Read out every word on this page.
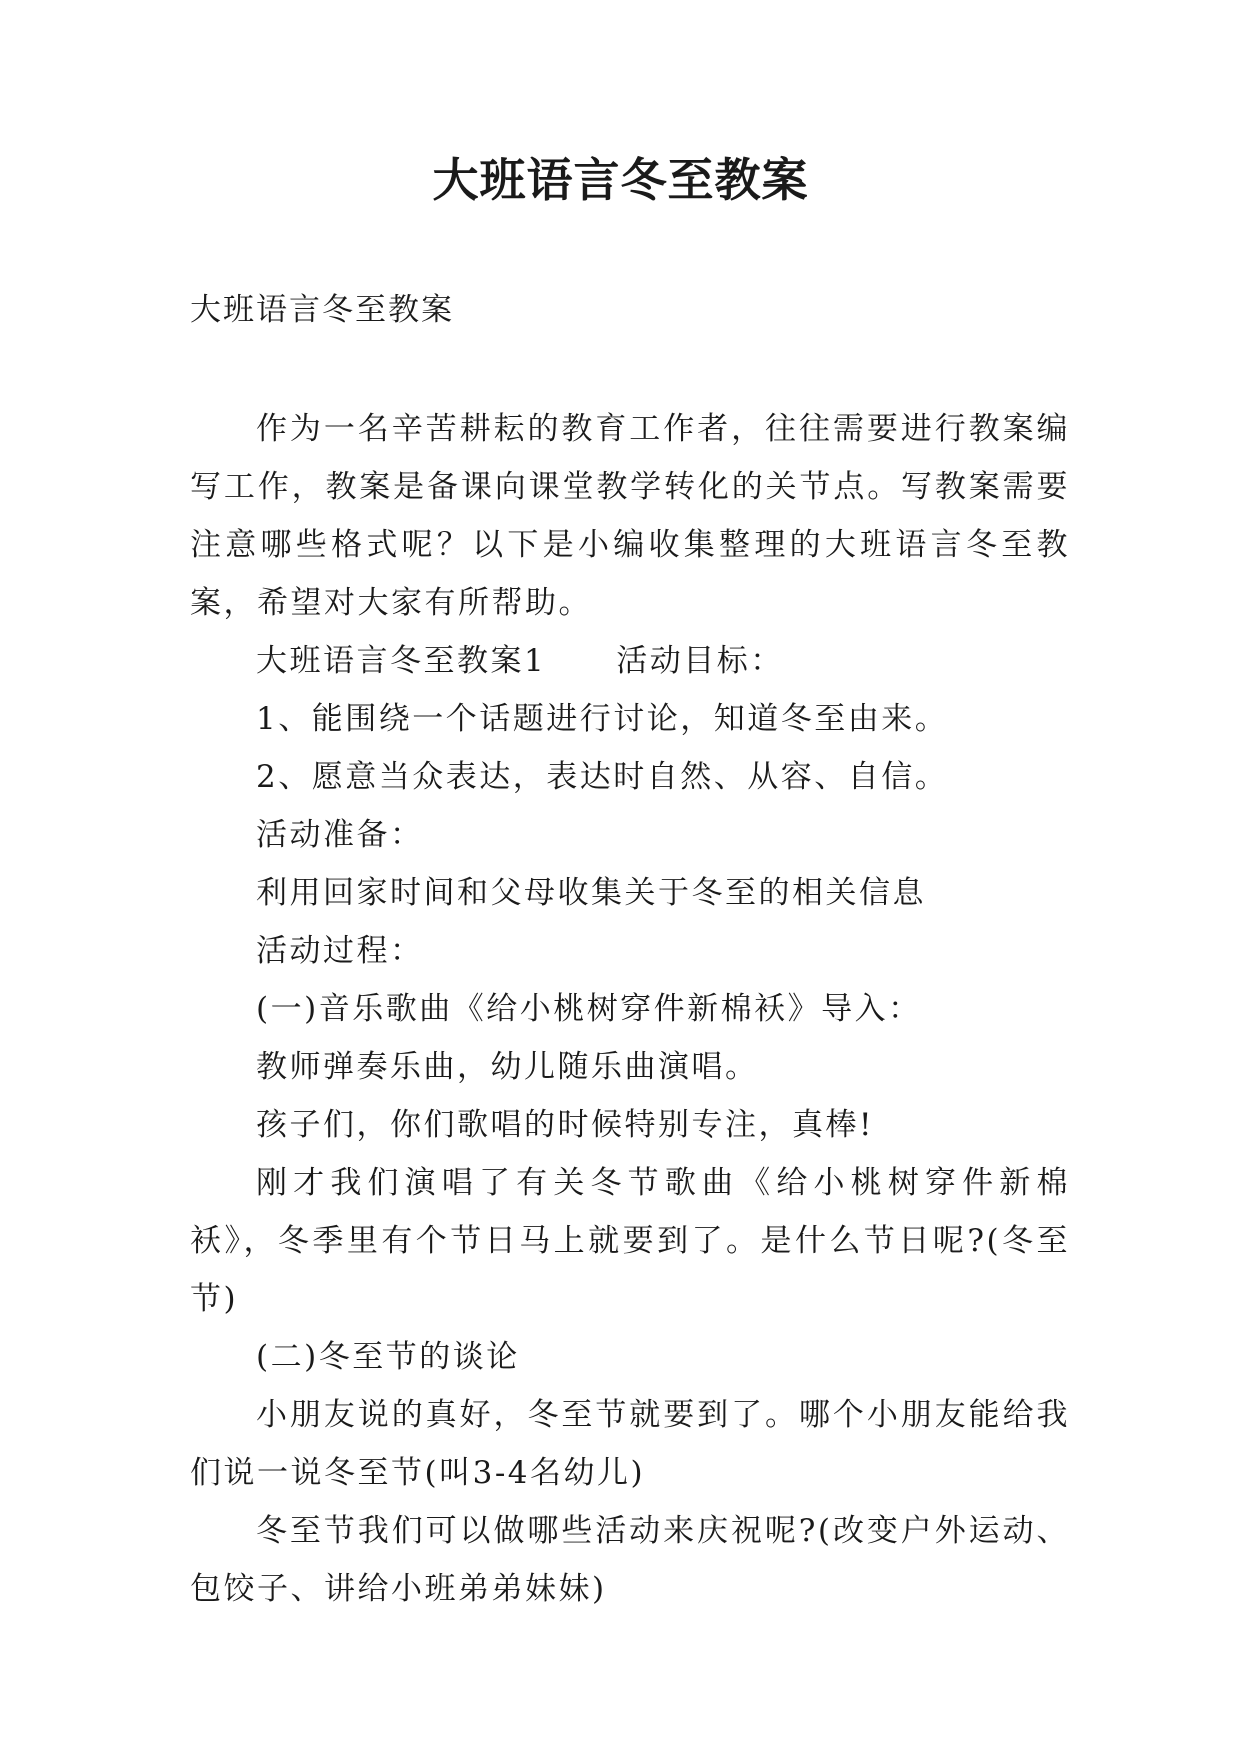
大班语言冬至教案

大班语言冬至教案

作为一名辛苦耕耘的教育工作者，往往需要进行教案编写工作，教案是备课向课堂教学转化的关节点。写教案需要注意哪些格式呢？以下是小编收集整理的大班语言冬至教案，希望对大家有所帮助。

大班语言冬至教案1 活动目标：

1、能围绕一个话题进行讨论，知道冬至由来。

2、愿意当众表达，表达时自然、从容、自信。

活动准备：

利用回家时间和父母收集关于冬至的相关信息

活动过程：

(一)音乐歌曲《给小桃树穿件新棉袄》导入：

教师弹奏乐曲，幼儿随乐曲演唱。

孩子们，你们歌唱的时候特别专注，真棒!

刚才我们演唱了有关冬节歌曲《给小桃树穿件新棉袄》，冬季里有个节日马上就要到了。是什么节日呢?(冬至节)

(二)冬至节的谈论

小朋友说的真好，冬至节就要到了。哪个小朋友能给我们说一说冬至节(叫3-4名幼儿)

冬至节我们可以做哪些活动来庆祝呢?(改变户外运动、包饺子、讲给小班弟弟妹妹)
